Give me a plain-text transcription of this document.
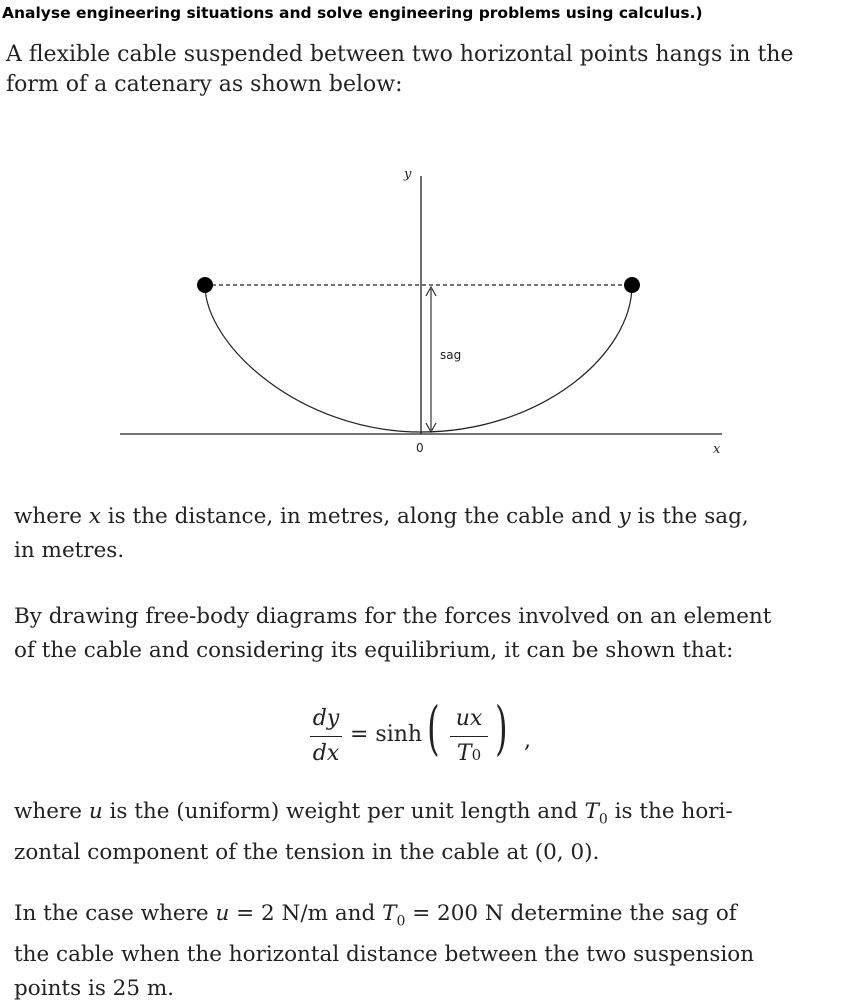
Analyse engineering situations and solve engineering problems using calculus.)

A flexible cable suspended between two horizontal points hangs in the form of a catenary as shown below:

y
x
0
sag

where x is the distance, in metres, along the cable and y is the sag,
in metres.

By drawing free-body diagrams for the forces involved on an element
of the cable and considering its equilibrium, it can be shown that:

dy
dx
= sinh ( ux
T0 ) ,

where u is the (uniform) weight per unit length and $T_0$ is the hori-
zontal component of the tension in the cable at (0, 0).

In the case where u = 2 N/m and $T_0 = 200$ N determine the sag of
the cable when the horizontal distance between the two suspension
points is 25 m.
